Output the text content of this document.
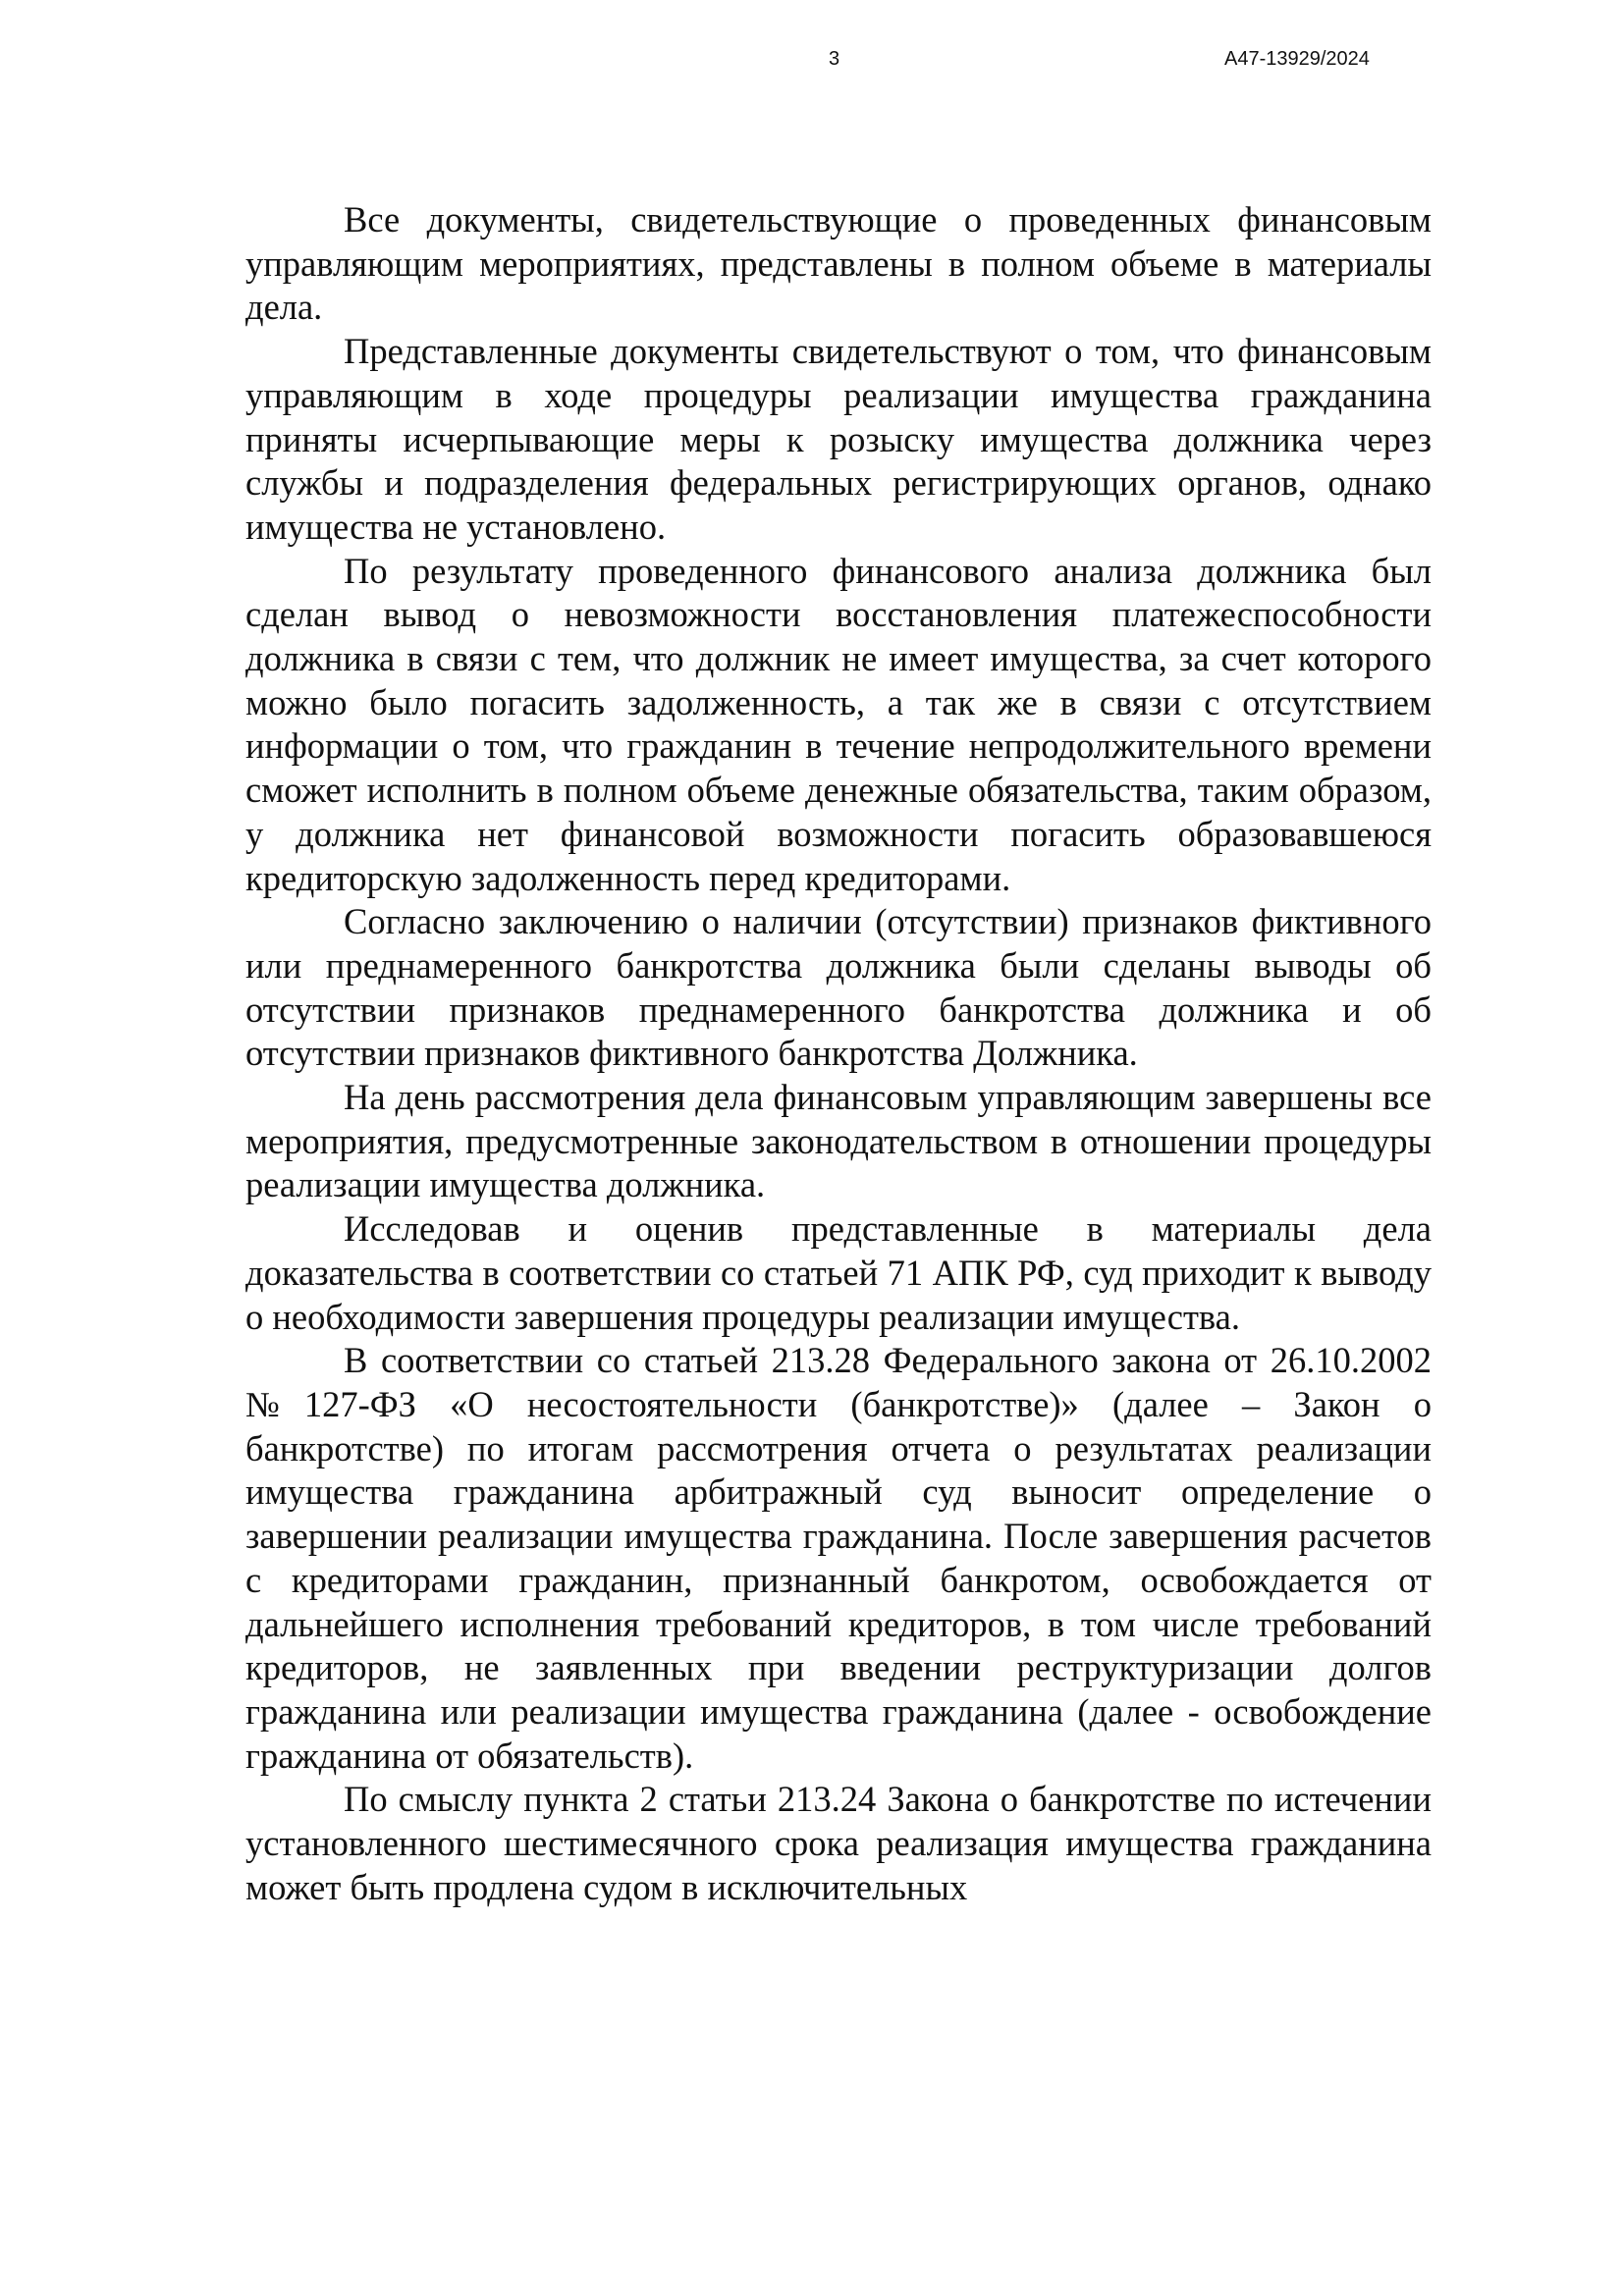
3	А47-13929/2024

Все документы, свидетельствующие о проведенных финансовым управляющим мероприятиях, представлены в полном объеме в материалы дела.

Представленные документы свидетельствуют о том, что финансовым управляющим в ходе процедуры реализации имущества гражданина приняты исчерпывающие меры к розыску имущества должника через службы и подразделения федеральных регистрирующих органов, однако имущества не установлено.

По результату проведенного финансового анализа должника был сделан вывод о невозможности восстановления платежеспособности должника в связи с тем, что должник не имеет имущества, за счет которого можно было погасить задолженность, а так же в связи с отсутствием информации о том, что гражданин в течение непродолжительного времени сможет исполнить в полном объеме денежные обязательства, таким образом, у должника нет финансовой возможности погасить образовавшеюся кредиторскую задолженность перед кредиторами.

Согласно заключению о наличии (отсутствии) признаков фиктивного или преднамеренного банкротства должника были сделаны выводы об отсутствии признаков преднамеренного банкротства должника и об отсутствии признаков фиктивного банкротства Должника.

На день рассмотрения дела финансовым управляющим завершены все мероприятия, предусмотренные законодательством в отношении процедуры реализации имущества должника.

Исследовав и оценив представленные в материалы дела доказательства в соответствии со статьей 71 АПК РФ, суд приходит к выводу о необходимости завершения процедуры реализации имущества.

В соответствии со статьей 213.28 Федерального закона от 26.10.2002 №127-ФЗ «О несостоятельности (банкротстве)» (далее – Закон о банкротстве) по итогам рассмотрения отчета о результатах реализации имущества гражданина арбитражный суд выносит определение о завершении реализации имущества гражданина. После завершения расчетов с кредиторами гражданин, признанный банкротом, освобождается от дальнейшего исполнения требований кредиторов, в том числе требований кредиторов, не заявленных при введении реструктуризации долгов гражданина или реализации имущества гражданина (далее - освобождение гражданина от обязательств).

По смыслу пункта 2 статьи 213.24 Закона о банкротстве по истечении установленного шестимесячного срока реализация имущества гражданина может быть продлена судом в исключительных
